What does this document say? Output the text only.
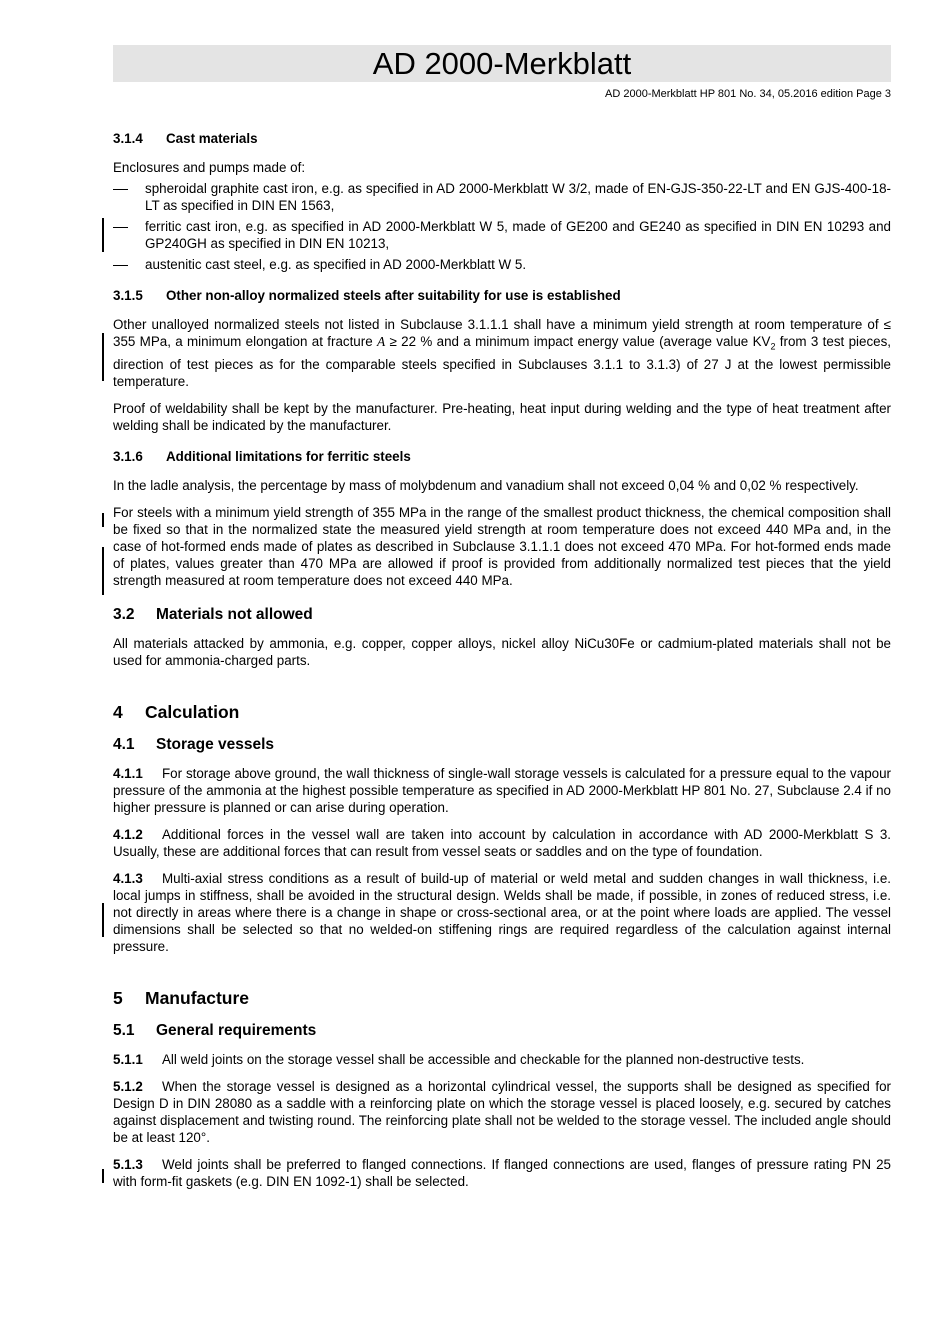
AD 2000-Merkblatt
AD 2000-Merkblatt HP 801 No. 34, 05.2016 edition Page 3
3.1.4 Cast materials

Enclosures and pumps made of:

spheroidal graphite cast iron, e.g. as specified in AD 2000-Merkblatt W 3/2, made of EN-GJS-350-22-LT and EN GJS-400-18-LT as specified in DIN EN 1563,
ferritic cast iron, e.g. as specified in AD 2000-Merkblatt W 5, made of GE200 and GE240 as specified in DIN EN 10293 and GP240GH as specified in DIN EN 10213,
austenitic cast steel, e.g. as specified in AD 2000-Merkblatt W 5.
3.1.5 Other non-alloy normalized steels after suitability for use is established

Other unalloyed normalized steels not listed in Subclause 3.1.1.1 shall have a minimum yield strength at room temperature of ≤ 355 MPa, a minimum elongation at fracture A ≥ 22 % and a minimum impact energy value (average value $KV_2$ from 3 test pieces, direction of test pieces as for the comparable steels specified in Subclauses 3.1.1 to 3.1.3) of 27 J at the lowest permissible temperature.

Proof of weldability shall be kept by the manufacturer. Pre-heating, heat input during welding and the type of heat treatment after welding shall be indicated by the manufacturer.

3.1.6 Additional limitations for ferritic steels

In the ladle analysis, the percentage by mass of molybdenum and vanadium shall not exceed 0,04 % and 0,02 % respectively.

For steels with a minimum yield strength of 355 MPa in the range of the smallest product thickness, the chemical composition shall be fixed so that in the normalized state the measured yield strength at room temperature does not exceed 440 MPa and, in the case of hot-formed ends made of plates as described in Subclause 3.1.1.1 does not exceed 470 MPa. For hot-formed ends made of plates, values greater than 470 MPa are allowed if proof is provided from additionally normalized test pieces that the yield strength measured at room temperature does not exceed 440 MPa.

3.2 Materials not allowed

All materials attacked by ammonia, e.g. copper, copper alloys, nickel alloy NiCu30Fe or cadmium-plated materials shall not be used for ammonia-charged parts.

4 Calculation
4.1 Storage vessels

4.1.1 For storage above ground, the wall thickness of single-wall storage vessels is calculated for a pressure equal to the vapour pressure of the ammonia at the highest possible temperature as specified in AD 2000-Merkblatt HP 801 No. 27, Subclause 2.4 if no higher pressure is planned or can arise during operation.

4.1.2 Additional forces in the vessel wall are taken into account by calculation in accordance with AD 2000-Merkblatt S 3. Usually, these are additional forces that can result from vessel seats or saddles and on the type of foundation.

4.1.3 Multi-axial stress conditions as a result of build-up of material or weld metal and sudden changes in wall thickness, i.e. local jumps in stiffness, shall be avoided in the structural design. Welds shall be made, if possible, in zones of reduced stress, i.e. not directly in areas where there is a change in shape or cross-sectional area, or at the point where loads are applied. The vessel dimensions shall be selected so that no welded-on stiffening rings are required regardless of the calculation against internal pressure.

5 Manufacture
5.1 General requirements

5.1.1 All weld joints on the storage vessel shall be accessible and checkable for the planned non-destructive tests.

5.1.2 When the storage vessel is designed as a horizontal cylindrical vessel, the supports shall be designed as specified for Design D in DIN 28080 as a saddle with a reinforcing plate on which the storage vessel is placed loosely, e.g. secured by catches against displacement and twisting round. The reinforcing plate shall not be welded to the storage vessel. The included angle should be at least 120°.

5.1.3 Weld joints shall be preferred to flanged connections. If flanged connections are used, flanges of pressure rating PN 25 with form-fit gaskets (e.g. DIN EN 1092-1) shall be selected.
